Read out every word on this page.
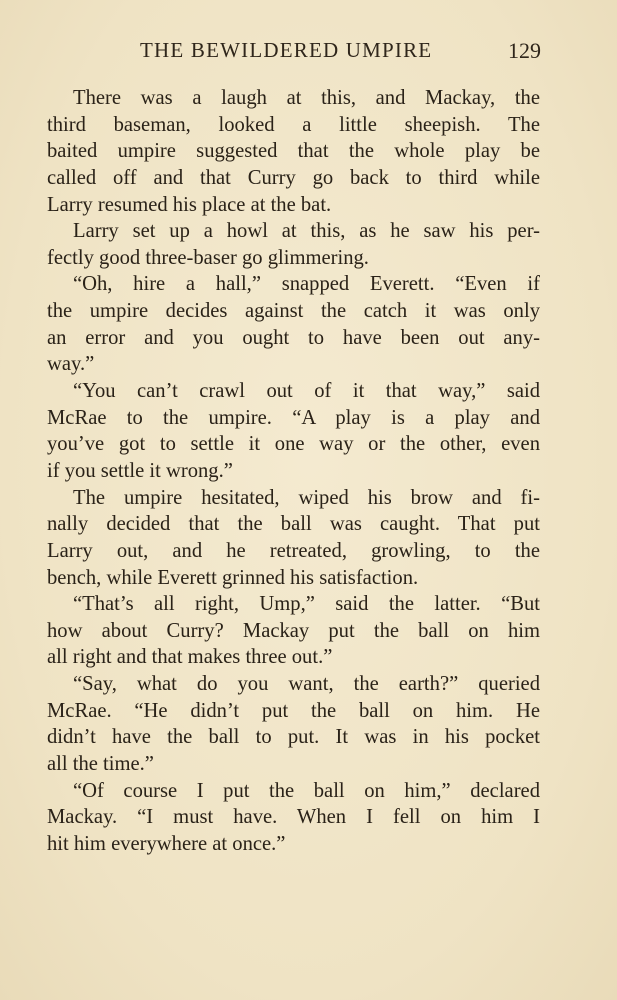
THE BEWILDERED UMPIRE	129
There was a laugh at this, and Mackay, the
third baseman, looked a little sheepish. The
baited umpire suggested that the whole play be
called off and that Curry go back to third while
Larry resumed his place at the bat.
Larry set up a howl at this, as he saw his per-
fectly good three-baser go glimmering.
“Oh, hire a hall,” snapped Everett. “Even if
the umpire decides against the catch it was only
an error and you ought to have been out any-
way.”
“You can’t crawl out of it that way,” said
McRae to the umpire. “A play is a play and
you’ve got to settle it one way or the other, even
if you settle it wrong.”
The umpire hesitated, wiped his brow and fi-
nally decided that the ball was caught. That put
Larry out, and he retreated, growling, to the
bench, while Everett grinned his satisfaction.
“That’s all right, Ump,” said the latter. “But
how about Curry? Mackay put the ball on him
all right and that makes three out.”
“Say, what do you want, the earth?” queried
McRae. “He didn’t put the ball on him. He
didn’t have the ball to put. It was in his pocket
all the time.”
“Of course I put the ball on him,” declared
Mackay. “I must have. When I fell on him I
hit him everywhere at once.”
